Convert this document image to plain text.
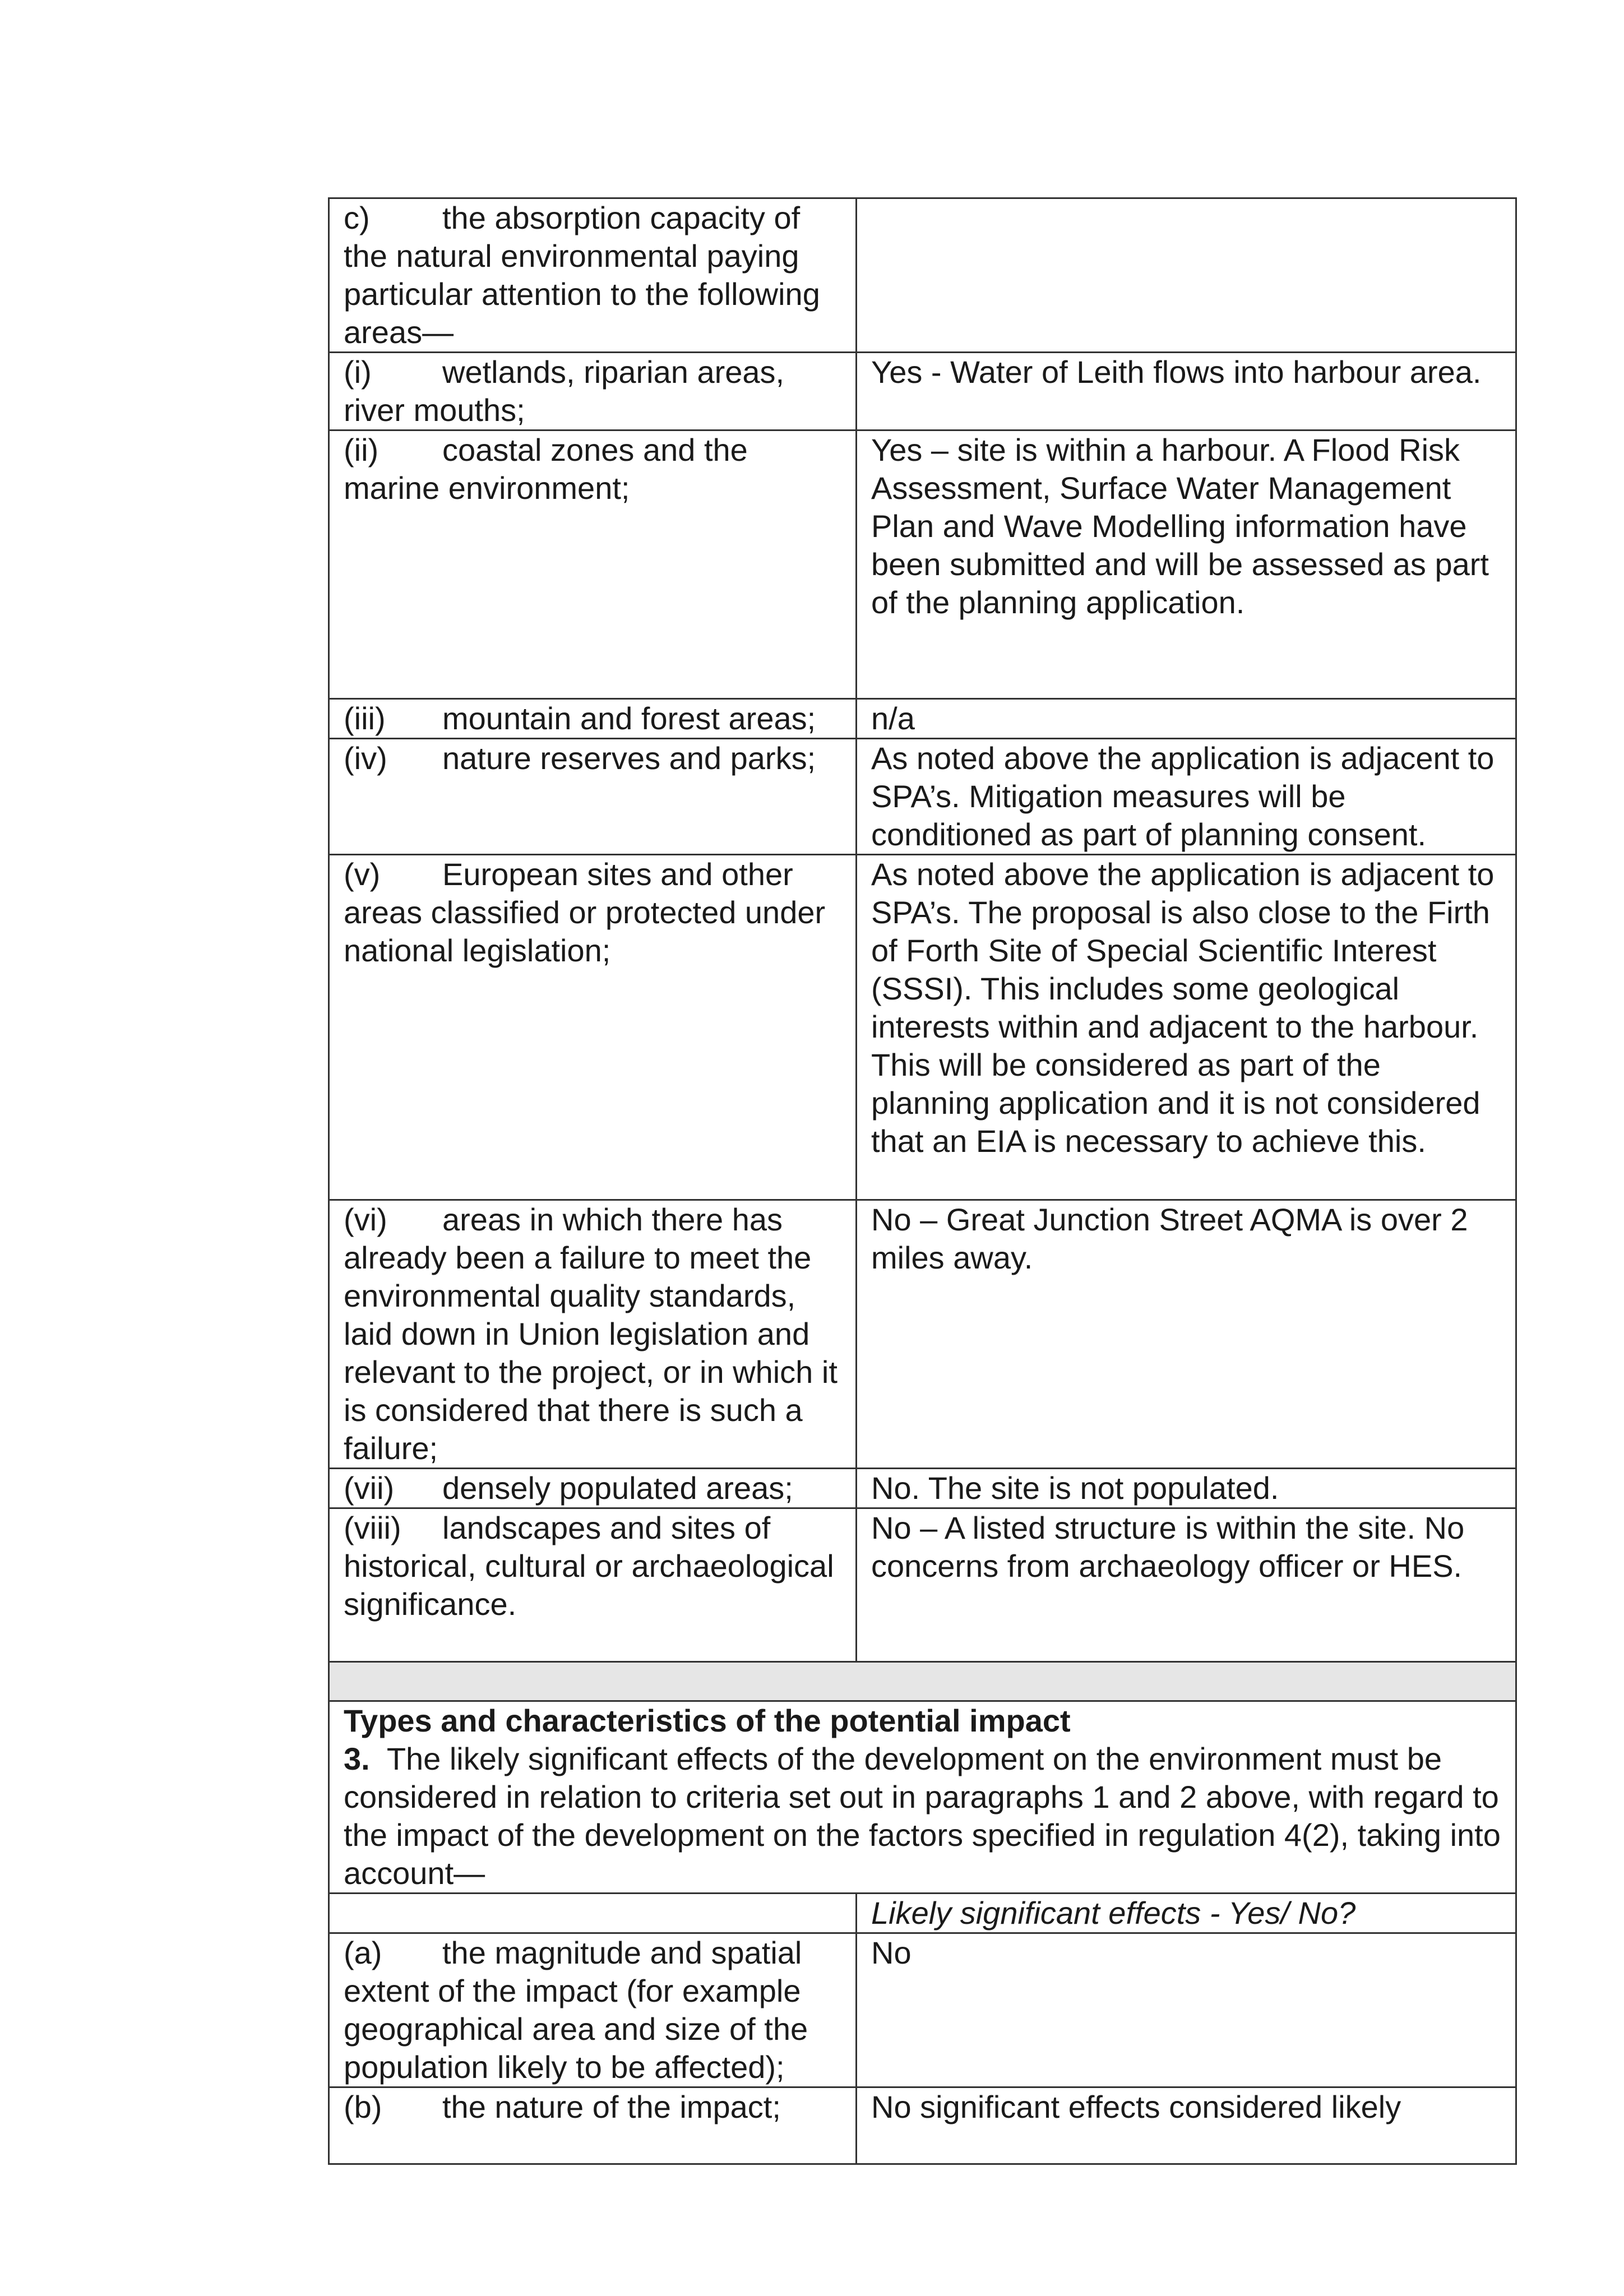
c) the absorption capacity of the natural environmental paying particular attention to the following areas—	
(i) wetlands, riparian areas, river mouths;	Yes - Water of Leith flows into harbour area.
(ii) coastal zones and the marine environment;	Yes – site is within a harbour. A Flood Risk Assessment, Surface Water Management Plan and Wave Modelling information have been submitted and will be assessed as part of the planning application.
(iii) mountain and forest areas;	n/a
(iv) nature reserves and parks;	As noted above the application is adjacent to SPA’s. Mitigation measures will be conditioned as part of planning consent.
(v) European sites and other areas classified or protected under national legislation;	As noted above the application is adjacent to SPA’s. The proposal is also close to the Firth of Forth Site of Special Scientific Interest (SSSI). This includes some geological interests within and adjacent to the harbour. This will be considered as part of the planning application and it is not considered that an EIA is necessary to achieve this.
(vi) areas in which there has already been a failure to meet the environmental quality standards, laid down in Union legislation and relevant to the project, or in which it is considered that there is such a failure;	No – Great Junction Street AQMA is over 2 miles away.
(vii) densely populated areas;	No. The site is not populated.
(viii) landscapes and sites of historical, cultural or archaeological significance.	No – A listed structure is within the site. No concerns from archaeology officer or HES.

Types and characteristics of the potential impact
3. The likely significant effects of the development on the environment must be considered in relation to criteria set out in paragraphs 1 and 2 above, with regard to the impact of the development on the factors specified in regulation 4(2), taking into account—	

	Likely significant effects - Yes/ No?
(a) the magnitude and spatial extent of the impact (for example geographical area and size of the population likely to be affected);	No
(b) the nature of the impact;	No significant effects considered likely
